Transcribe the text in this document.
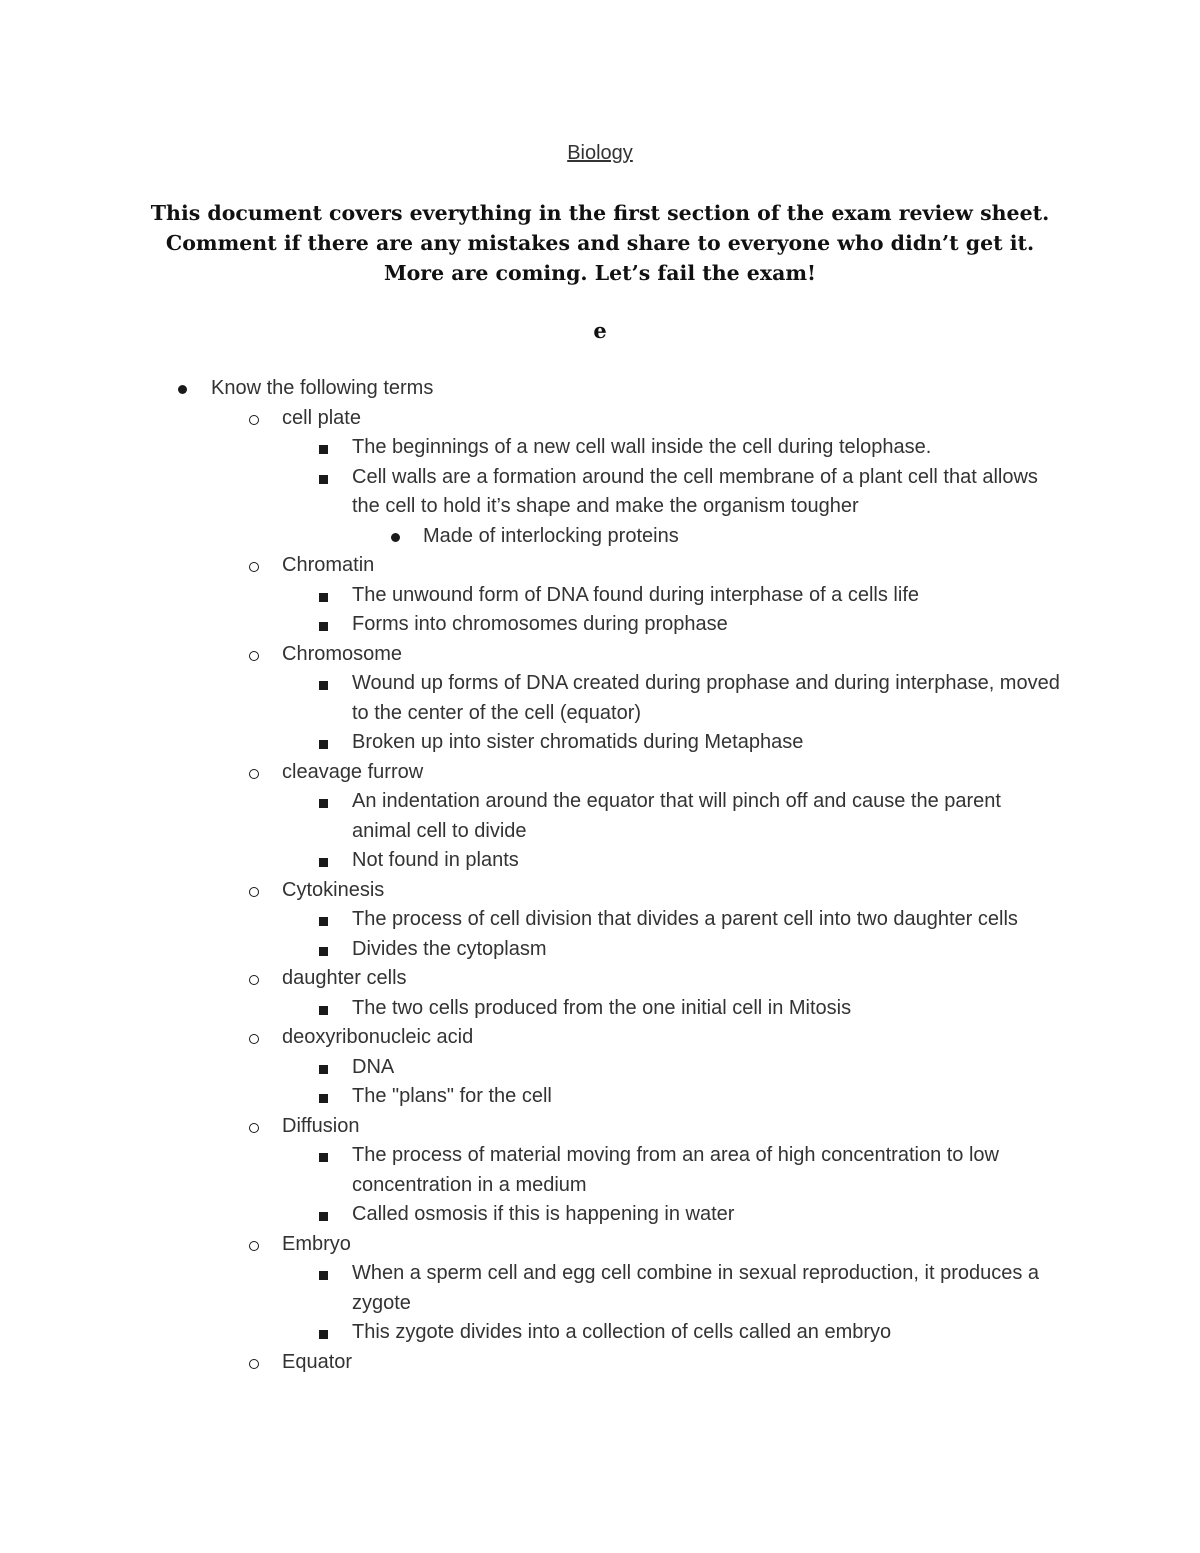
Biology
This document covers everything in the first section of the exam review sheet. Comment if there are any mistakes and share to everyone who didn’t get it. More are coming. Let’s fail the exam!
e
Know the following terms
cell plate
The beginnings of a new cell wall inside the cell during telophase.
Cell walls are a formation around the cell membrane of a plant cell that allows the cell to hold it’s shape and make the organism tougher
Made of interlocking proteins
Chromatin
The unwound form of DNA found during interphase of a cells life
Forms into chromosomes during prophase
Chromosome
Wound up forms of DNA created during prophase and during interphase, moved to the center of the cell (equator)
Broken up into sister chromatids during Metaphase
cleavage furrow
An indentation around the equator that will pinch off and cause the parent animal cell to divide
Not found in plants
Cytokinesis
The process of cell division that divides a parent cell into two daughter cells
Divides the cytoplasm
daughter cells
The two cells produced from the one initial cell in Mitosis
deoxyribonucleic acid
DNA
The "plans" for the cell
Diffusion
The process of material moving from an area of high concentration to low concentration in a medium
Called osmosis if this is happening in water
Embryo
When a sperm cell and egg cell combine in sexual reproduction, it produces a zygote
This zygote divides into a collection of cells called an embryo
Equator
